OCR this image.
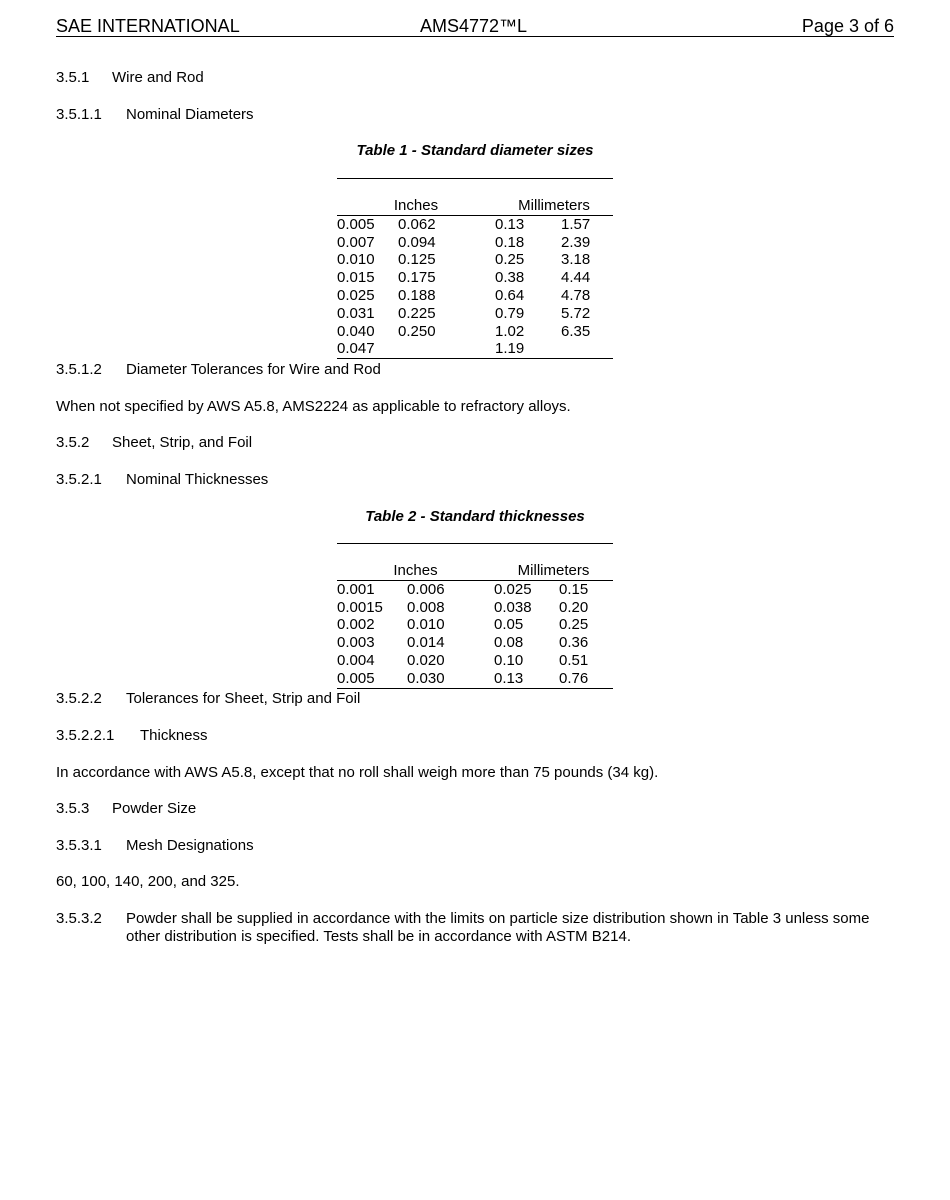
SAE INTERNATIONAL	AMS4772™L	Page 3 of 6
3.5.1 Wire and Rod
3.5.1.1 Nominal Diameters
Table 1 - Standard diameter sizes

Inches		Millimeters	
0.005	0.062	0.13	1.57
0.007	0.094	0.18	2.39
0.010	0.125	0.25	3.18
0.015	0.175	0.38	4.44
0.025	0.188	0.64	4.78
0.031	0.225	0.79	5.72
0.040	0.250	1.02	6.35
0.047		1.19	
3.5.1.2 Diameter Tolerances for Wire and Rod
When not specified by AWS A5.8, AMS2224 as applicable to refractory alloys.
3.5.2 Sheet, Strip, and Foil
3.5.2.1 Nominal Thicknesses
Table 2 - Standard thicknesses

Inches		Millimeters	
0.001	0.006	0.025	0.15
0.0015	0.008	0.038	0.20
0.002	0.010	0.05	0.25
0.003	0.014	0.08	0.36
0.004	0.020	0.10	0.51
0.005	0.030	0.13	0.76
3.5.2.2 Tolerances for Sheet, Strip and Foil
3.5.2.2.1 Thickness
In accordance with AWS A5.8, except that no roll shall weigh more than 75 pounds (34 kg).
3.5.3 Powder Size
3.5.3.1 Mesh Designations
60, 100, 140, 200, and 325.
3.5.3.2 Powder shall be supplied in accordance with the limits on particle size distribution shown in Table 3 unless some other distribution is specified. Tests shall be in accordance with ASTM B214.
